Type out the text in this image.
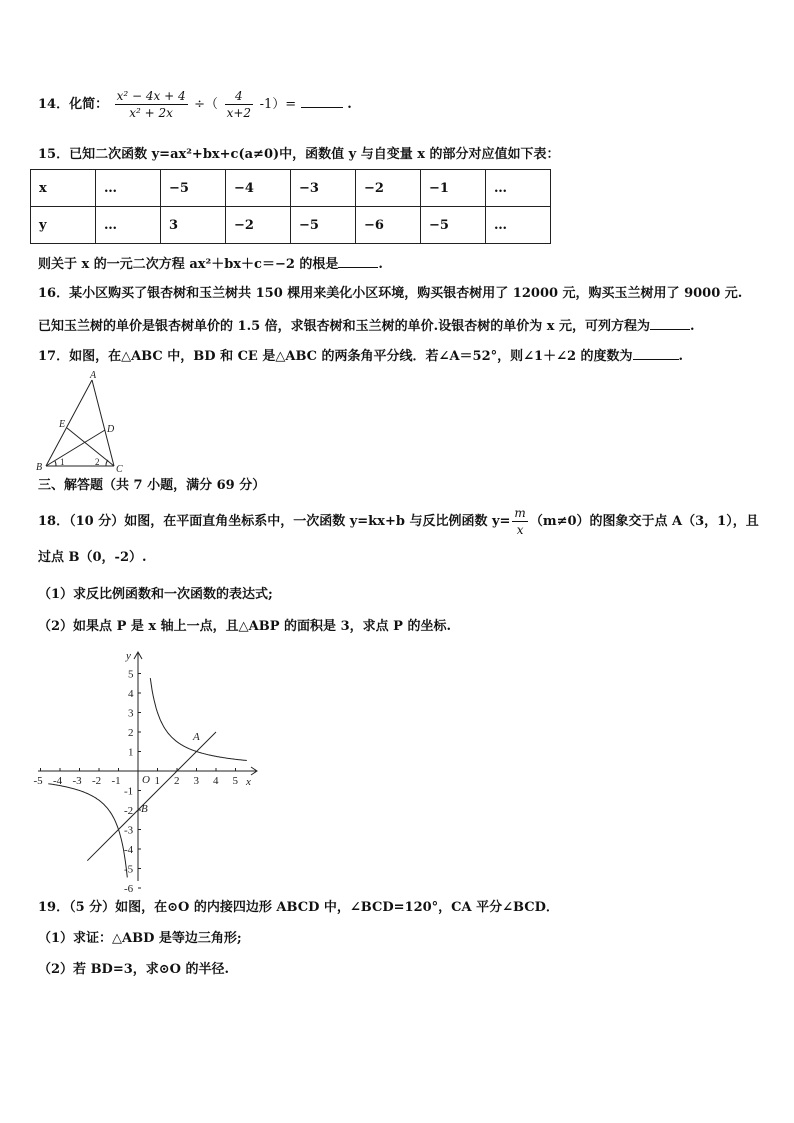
14．化简： $\frac{\text{x² − 4x + 4}}{\text{x² + 2x}}$ ÷（ $\frac{4}{x+2} -1)=$	.
15．已知二次函数 y=ax²+bx+c(a≠0)中，函数值 y 与自变量 x 的部分对应值如下表：
x	…	−5	−4	−3	−2	−1	…
y	…	3	−2	−5	−6	−5	…
则关于 x 的一元二次方程 ax²＋bx＋c＝−2 的根是	.
16．某小区购买了银杏树和玉兰树共 150 棵用来美化小区环境，购买银杏树用了 12000 元，购买玉兰树用了 9000 元.
已知玉兰树的单价是银杏树单价的 1.5 倍，求银杏树和玉兰树的单价.设银杏树的单价为 x 元，可列方程为	.
17．如图，在△ABC 中，BD 和 CE 是△ABC 的两条角平分线．若∠A＝52°，则∠1＋∠2 的度数为	.
A
B	C
D
E
1	2
三、解答题（共 7 小题，满分 69 分）
18．（10 分）如图，在平面直角坐标系中，一次函数 y=kx+b 与反比例函数 $y= \frac{m}{x} (m\ne 0)$的图象交于点 A（3，1），且
过点 B（0，-2）.
（1）求反比例函数和一次函数的表达式;
（2）如果点 P 是 x 轴上一点，且△ABP 的面积是 3，求点 P 的坐标.
-5 -4 -3 -2 -1	1 2 3 4 5
5
4
3
2
1
-1
-2
-3
-4
-5
-6
O	x
y
A
B
19．（5 分）如图，在⊙O 的内接四边形 ABCD 中，∠BCD=120°，CA 平分∠BCD．
（1）求证：△ABD 是等边三角形;
（2）若 BD=3，求⊙O 的半径.
